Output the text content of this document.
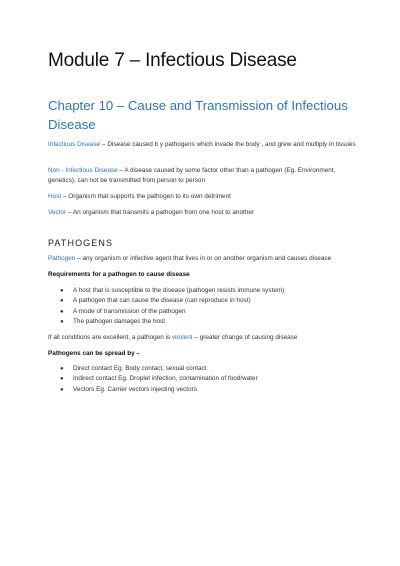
Module 7 – Infectious Disease
Chapter 10 – Cause and Transmission of Infectious Disease

Infectious Disease – Disease caused b y pathogens which invade the body , and grew and multiply in tissues

Non - Infectious Disease – A disease caused by some factor other than a pathogen (Eg. Environment, genetics), can not be transmitted from person to person

Host – Organism that supports the pathogen to its own detriment

Vector – An organism that transmits a pathogen from one host to another

PATHOGENS

Pathogen – any organism or infective agent that lives in or on another organism and causes disease

Requirements for a pathogen to cause disease

● A host that is susceptible to the disease (pathogen resists immune system)
● A pathogen that can cause the disease (can reproduce in host)
● A mode of transmission of the pathogen
● The pathogen damages the host

If all conditions are excellent, a pathogen is virulent – greater change of causing disease

Pathogens can be spread by –

● Direct contact Eg. Body contact, sexual contact
● Indirect contact Eg. Droplet infection, contamination of food/water
● Vectors Eg. Carrier vectors injecting vectors
